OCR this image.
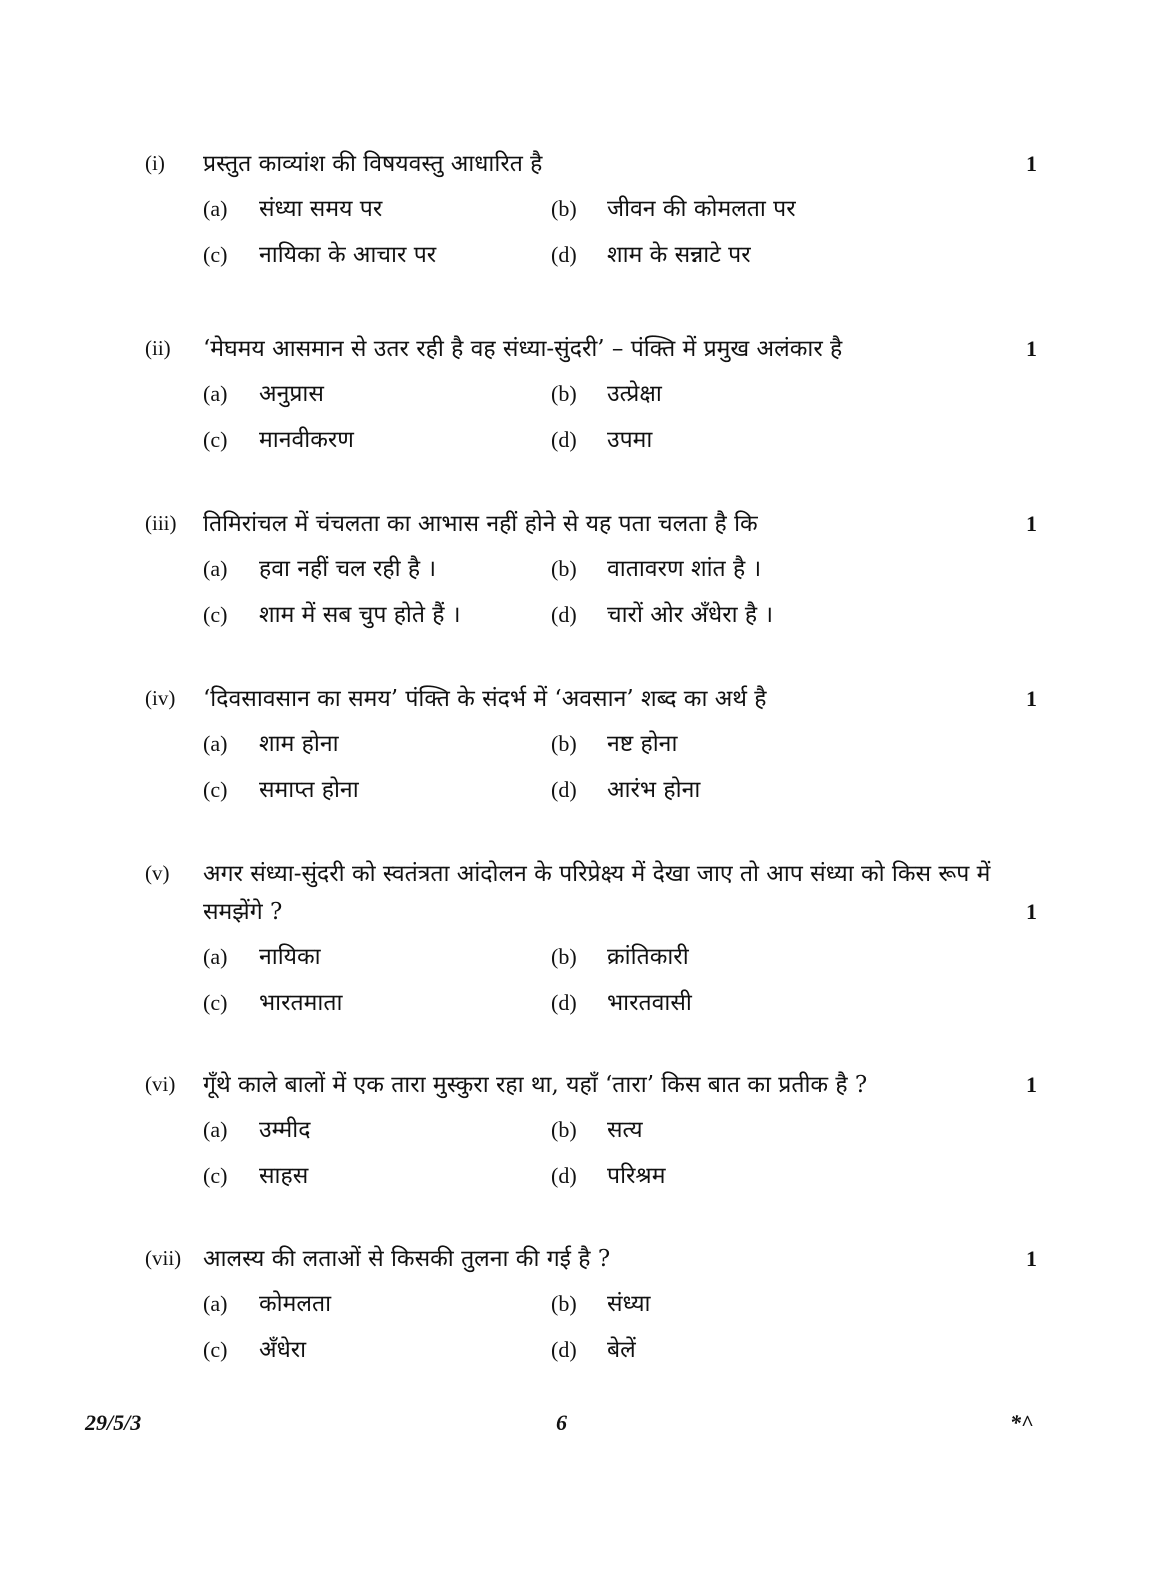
(i) प्रस्तुत काव्यांश की विषयवस्तु आधारित है	1
(a) संध्या समय पर	(b) जीवन की कोमलता पर
(c) नायिका के आचार पर	(d) शाम के सन्नाटे पर
(ii) ‘मेघमय आसमान से उतर रही है वह संध्या-सुंदरी’ – पंक्ति में प्रमुख अलंकार है	1
(a) अनुप्रास	(b) उत्प्रेक्षा
(c) मानवीकरण	(d) उपमा
(iii) तिमिरांचल में चंचलता का आभास नहीं होने से यह पता चलता है कि	1
(a) हवा नहीं चल रही है ।	(b) वातावरण शांत है ।
(c) शाम में सब चुप होते हैं ।	(d) चारों ओर अँधेरा है ।
(iv) ‘दिवसावसान का समय’ पंक्ति के संदर्भ में ‘अवसान’ शब्द का अर्थ है	1
(a) शाम होना	(b) नष्ट होना
(c) समाप्त होना	(d) आरंभ होना
(v) अगर संध्या-सुंदरी को स्वतंत्रता आंदोलन के परिप्रेक्ष्य में देखा जाए तो आप संध्या को किस रूप में समझेंगे ?	1
(a) नायिका	(b) क्रांतिकारी
(c) भारतमाता	(d) भारतवासी
(vi) गूँथे काले बालों में एक तारा मुस्कुरा रहा था, यहाँ ‘तारा’ किस बात का प्रतीक है ?	1
(a) उम्मीद	(b) सत्य
(c) साहस	(d) परिश्रम
(vii) आलस्य की लताओं से किसकी तुलना की गई है ?	1
(a) कोमलता	(b) संध्या
(c) अँधेरा	(d) बेलें
29/5/3	6	*^
